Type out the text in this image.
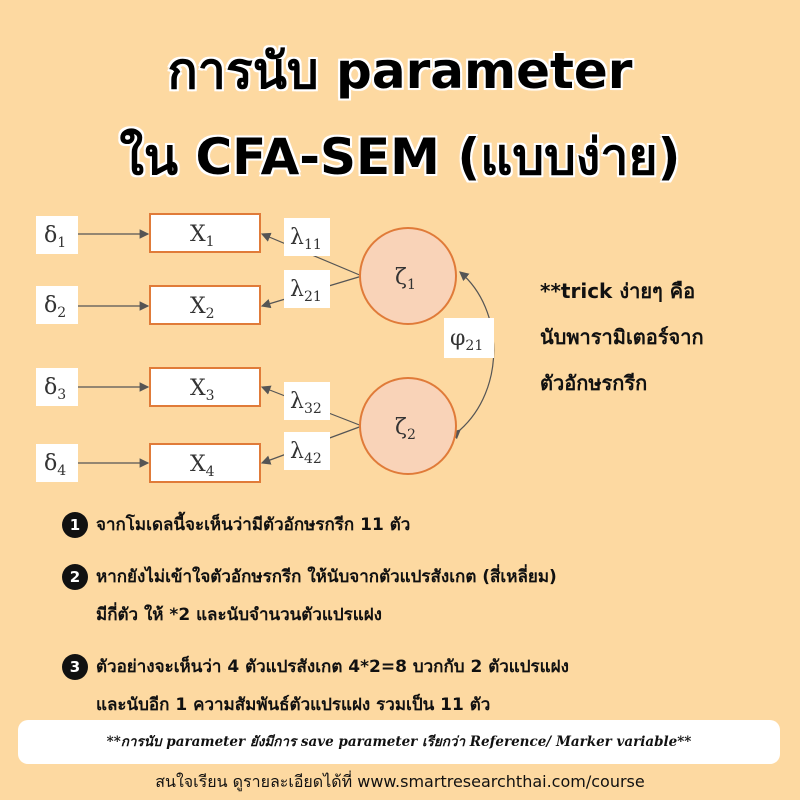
การนับ parameter
ใน CFA-SEM (แบบง่าย)
$\delta_1$
$\delta_2$
$\delta_3$
$\delta_4$
$X_1$
$X_2$
$X_3$
$X_4$
$\lambda_{11}$
$\lambda_{21}$
$\lambda_{32}$
$\lambda_{42}$
$\zeta_1$
$\zeta_2$
$\varphi_{21}$
**trick ง่ายๆ คือ
นับพารามิเตอร์จาก
ตัวอักษรกรีก
1 จากโมเดลนี้จะเห็นว่ามีตัวอักษรกรีก 11 ตัว
2 หากยังไม่เข้าใจตัวอักษรกรีก ให้นับจากตัวแปรสังเกต (สี่เหลี่ยม)
มีกี่ตัว ให้ *2 และนับจำนวนตัวแปรแฝง
3 ตัวอย่างจะเห็นว่า 4 ตัวแปรสังเกต 4*2=8 บวกกับ 2 ตัวแปรแฝง
และนับอีก 1 ความสัมพันธ์ตัวแปรแฝง รวมเป็น 11 ตัว
**การนับ parameter ยังมีการ save parameter เรียกว่า Reference/ Marker variable**
สนใจเรียน ดูรายละเอียดได้ที่ www.smartresearchthai.com/course
